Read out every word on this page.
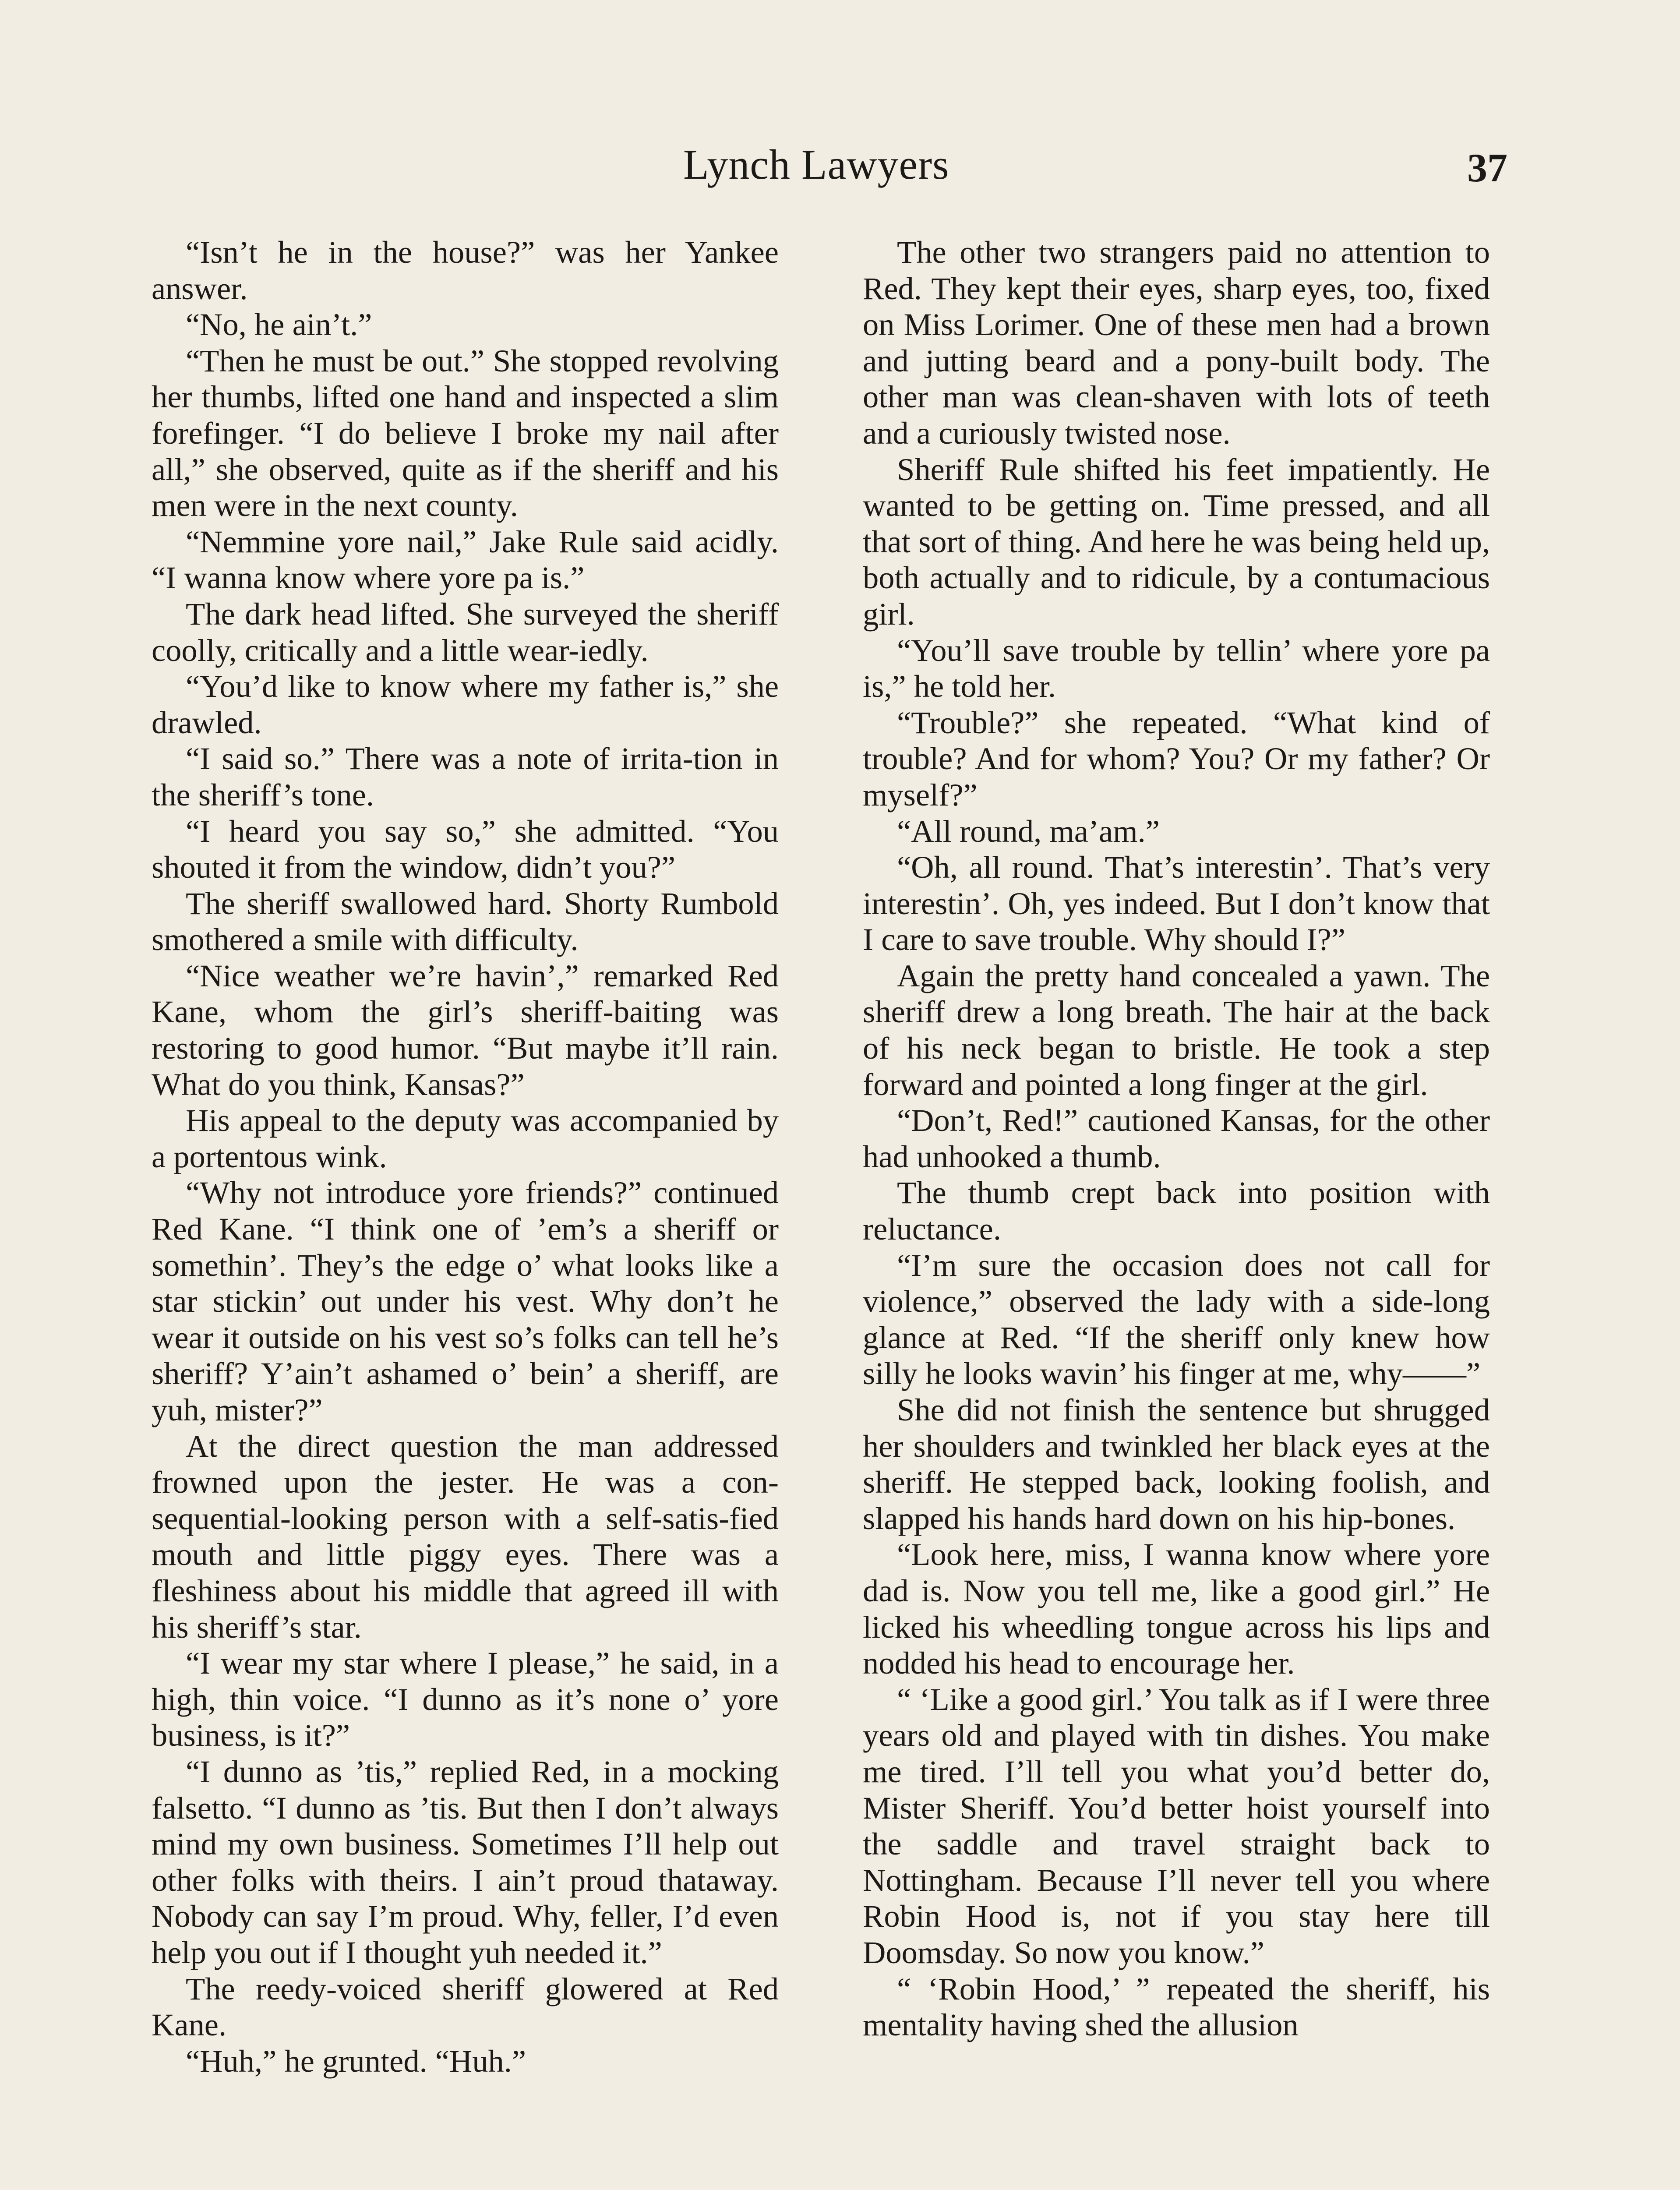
Lynch Lawyers	37

“Isn’t he in the house?” was her Yankee answer.

“No, he ain’t.”

“Then he must be out.” She stopped revolving her thumbs, lifted one hand and inspected a slim forefinger. “I do believe I broke my nail after all,” she observed, quite as if the sheriff and his men were in the next county.

“Nemmine yore nail,” Jake Rule said acidly. “I wanna know where yore pa is.”

The dark head lifted. She surveyed the sheriff coolly, critically and a little wear-iedly.

“You’d like to know where my father is,” she drawled.

“I said so.” There was a note of irrita-tion in the sheriff’s tone.

“I heard you say so,” she admitted. “You shouted it from the window, didn’t you?”

The sheriff swallowed hard. Shorty Rumbold smothered a smile with difficulty.

“Nice weather we’re havin’,” remarked Red Kane, whom the girl’s sheriff-baiting was restoring to good humor. “But maybe it’ll rain. What do you think, Kansas?”

His appeal to the deputy was accompanied by a portentous wink.

“Why not introduce yore friends?” continued Red Kane. “I think one of ’em’s a sheriff or somethin’. They’s the edge o’ what looks like a star stickin’ out under his vest. Why don’t he wear it outside on his vest so’s folks can tell he’s sheriff? Y’ain’t ashamed o’ bein’ a sheriff, are yuh, mister?”

At the direct question the man addressed frowned upon the jester. He was a con-sequential-looking person with a self-satis-fied mouth and little piggy eyes. There was a fleshiness about his middle that agreed ill with his sheriff’s star.

“I wear my star where I please,” he said, in a high, thin voice. “I dunno as it’s none o’ yore business, is it?”

“I dunno as ’tis,” replied Red, in a mocking falsetto. “I dunno as ’tis. But then I don’t always mind my own business. Sometimes I’ll help out other folks with theirs. I ain’t proud thataway. Nobody can say I’m proud. Why, feller, I’d even help you out if I thought yuh needed it.”

The reedy-voiced sheriff glowered at Red Kane.

“Huh,” he grunted. “Huh.”

The other two strangers paid no attention to Red. They kept their eyes, sharp eyes, too, fixed on Miss Lorimer. One of these men had a brown and jutting beard and a pony-built body. The other man was clean-shaven with lots of teeth and a curiously twisted nose.

Sheriff Rule shifted his feet impatiently. He wanted to be getting on. Time pressed, and all that sort of thing. And here he was being held up, both actually and to ridicule, by a contumacious girl.

“You’ll save trouble by tellin’ where yore pa is,” he told her.

“Trouble?” she repeated. “What kind of trouble? And for whom? You? Or my father? Or myself?”

“All round, ma’am.”

“Oh, all round. That’s interestin’. That’s very interestin’. Oh, yes indeed. But I don’t know that I care to save trouble. Why should I?”

Again the pretty hand concealed a yawn. The sheriff drew a long breath. The hair at the back of his neck began to bristle. He took a step forward and pointed a long finger at the girl.

“Don’t, Red!” cautioned Kansas, for the other had unhooked a thumb.

The thumb crept back into position with reluctance.

“I’m sure the occasion does not call for violence,” observed the lady with a side-long glance at Red. “If the sheriff only knew how silly he looks wavin’ his finger at me, why——”

She did not finish the sentence but shrugged her shoulders and twinkled her black eyes at the sheriff. He stepped back, looking foolish, and slapped his hands hard down on his hip-bones.

“Look here, miss, I wanna know where yore dad is. Now you tell me, like a good girl.” He licked his wheedling tongue across his lips and nodded his head to encourage her.

“ ‘Like a good girl.’ You talk as if I were three years old and played with tin dishes. You make me tired. I’ll tell you what you’d better do, Mister Sheriff. You’d better hoist yourself into the saddle and travel straight back to Nottingham. Because I’ll never tell you where Robin Hood is, not if you stay here till Doomsday. So now you know.”

“ ‘Robin Hood,’ ” repeated the sheriff, his mentality having shed the allusion
